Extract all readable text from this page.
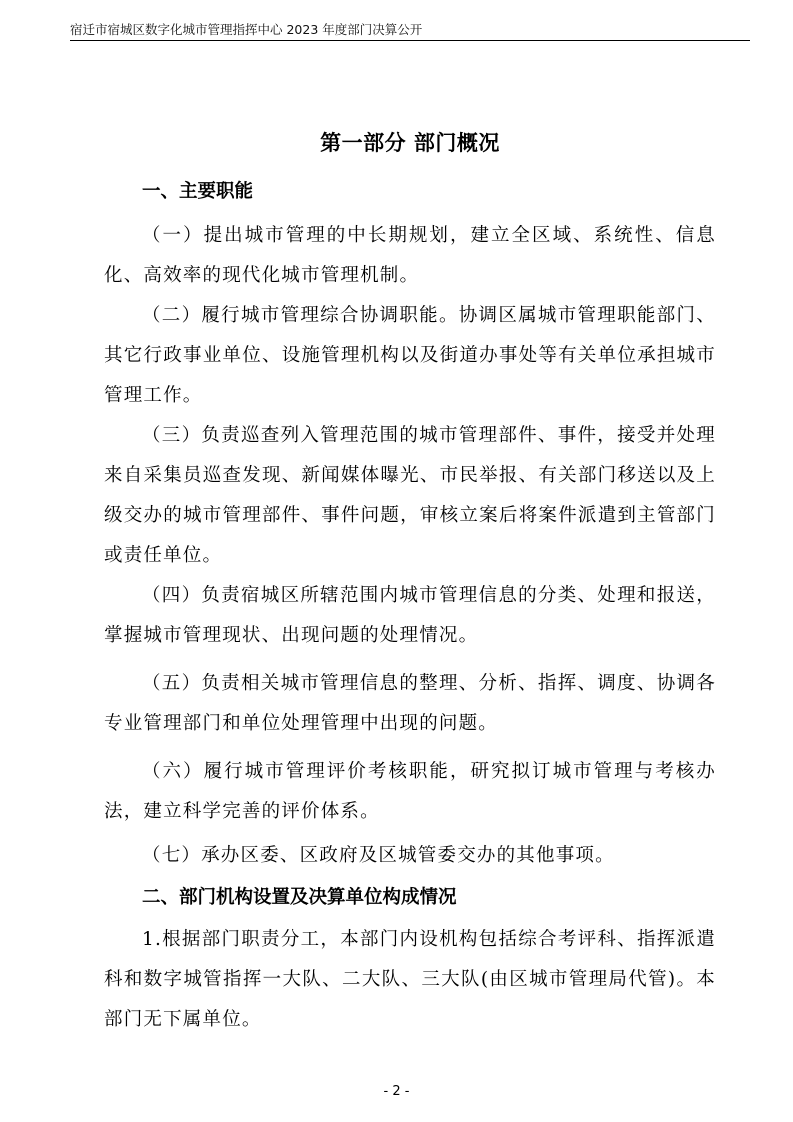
宿迁市宿城区数字化城市管理指挥中心 2023 年度部门决算公开
第一部分 部门概况
一、主要职能

（一）提出城市管理的中长期规划，建立全区域、系统性、信息化、高效率的现代化城市管理机制。

（二）履行城市管理综合协调职能。协调区属城市管理职能部门、其它行政事业单位、设施管理机构以及街道办事处等有关单位承担城市管理工作。

（三）负责巡查列入管理范围的城市管理部件、事件，接受并处理来自采集员巡查发现、新闻媒体曝光、市民举报、有关部门移送以及上级交办的城市管理部件、事件问题，审核立案后将案件派遣到主管部门或责任单位。

（四）负责宿城区所辖范围内城市管理信息的分类、处理和报送，掌握城市管理现状、出现问题的处理情况。

（五）负责相关城市管理信息的整理、分析、指挥、调度、协调各专业管理部门和单位处理管理中出现的问题。

（六）履行城市管理评价考核职能，研究拟订城市管理与考核办法，建立科学完善的评价体系。

（七）承办区委、区政府及区城管委交办的其他事项。

二、部门机构设置及决算单位构成情况

1.根据部门职责分工，本部门内设机构包括综合考评科、指挥派遣科和数字城管指挥一大队、二大队、三大队(由区城市管理局代管)。本部门无下属单位。

- 2 -
